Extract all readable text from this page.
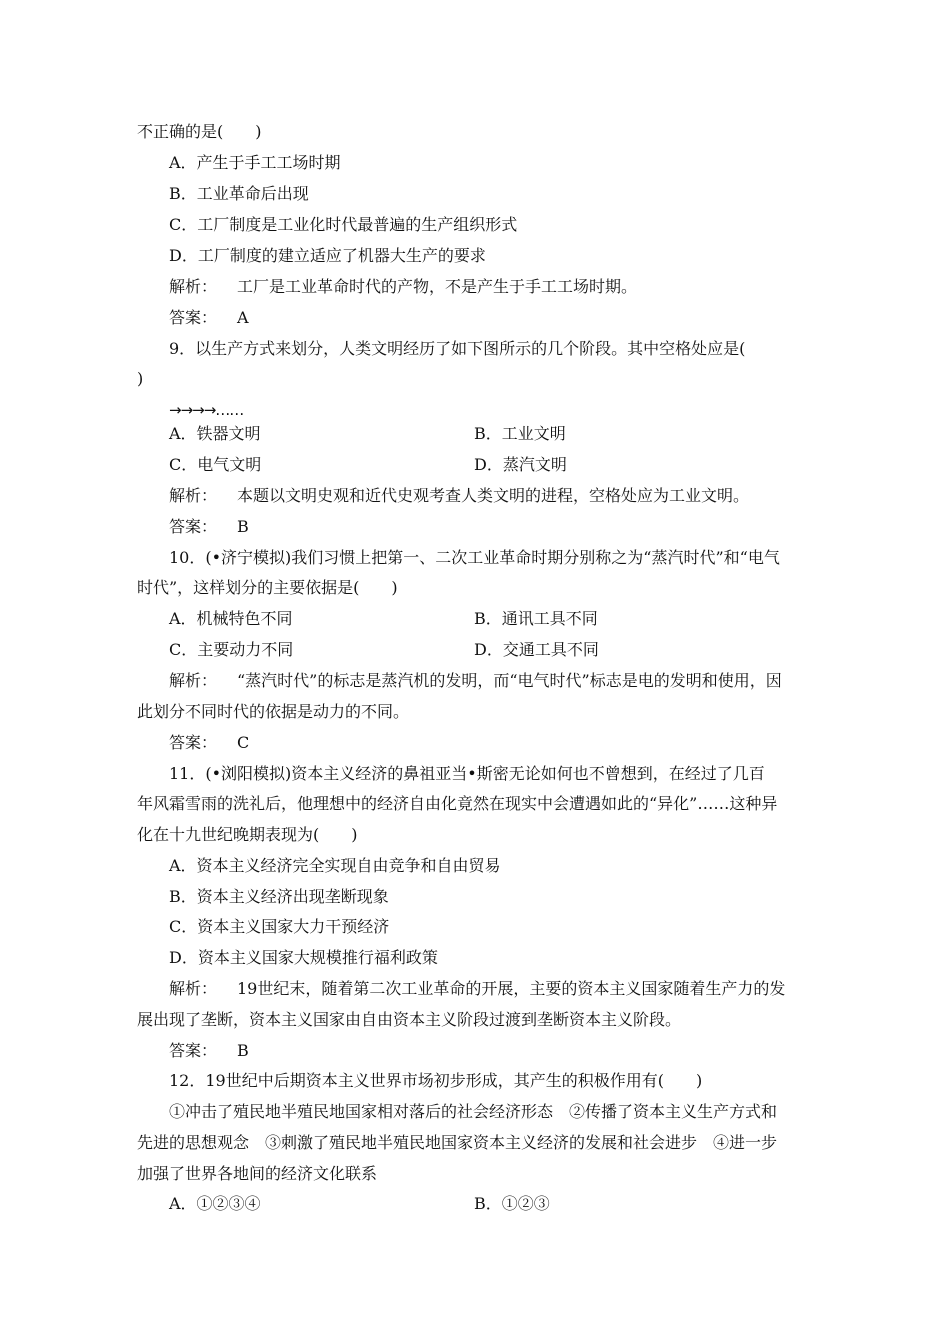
不正确的是(　　)
A．产生于手工工场时期
B．工业革命后出现
C．工厂制度是工业化时代最普遍的生产组织形式
D．工厂制度的建立适应了机器大生产的要求
解析： 工厂是工业革命时代的产物，不是产生于手工工场时期。
答案： A
9．以生产方式来划分，人类文明经历了如下图所示的几个阶段。其中空格处应是(
)
→→→→……
A．铁器文明	B．工业文明
C．电气文明	D．蒸汽文明
解析： 本题以文明史观和近代史观考查人类文明的进程，空格处应为工业文明。
答案： B
10．(•济宁模拟)我们习惯上把第一、二次工业革命时期分别称之为“蒸汽时代”和“电气
时代”，这样划分的主要依据是(　　)
A．机械特色不同	B．通讯工具不同
C．主要动力不同	D．交通工具不同
解析： “蒸汽时代”的标志是蒸汽机的发明，而“电气时代”标志是电的发明和使用，因
此划分不同时代的依据是动力的不同。
答案： C
11．(•浏阳模拟)资本主义经济的鼻祖亚当•斯密无论如何也不曾想到，在经过了几百
年风霜雪雨的洗礼后，他理想中的经济自由化竟然在现实中会遭遇如此的“异化”……这种异
化在十九世纪晚期表现为(　　)
A．资本主义经济完全实现自由竞争和自由贸易
B．资本主义经济出现垄断现象
C．资本主义国家大力干预经济
D．资本主义国家大规模推行福利政策
解析： 19世纪末，随着第二次工业革命的开展，主要的资本主义国家随着生产力的发
展出现了垄断，资本主义国家由自由资本主义阶段过渡到垄断资本主义阶段。
答案： B
12．19世纪中后期资本主义世界市场初步形成，其产生的积极作用有(　　)
①冲击了殖民地半殖民地国家相对落后的社会经济形态　②传播了资本主义生产方式和
先进的思想观念　③刺激了殖民地半殖民地国家资本主义经济的发展和社会进步　④进一步
加强了世界各地间的经济文化联系
A．①②③④	B．①②③
